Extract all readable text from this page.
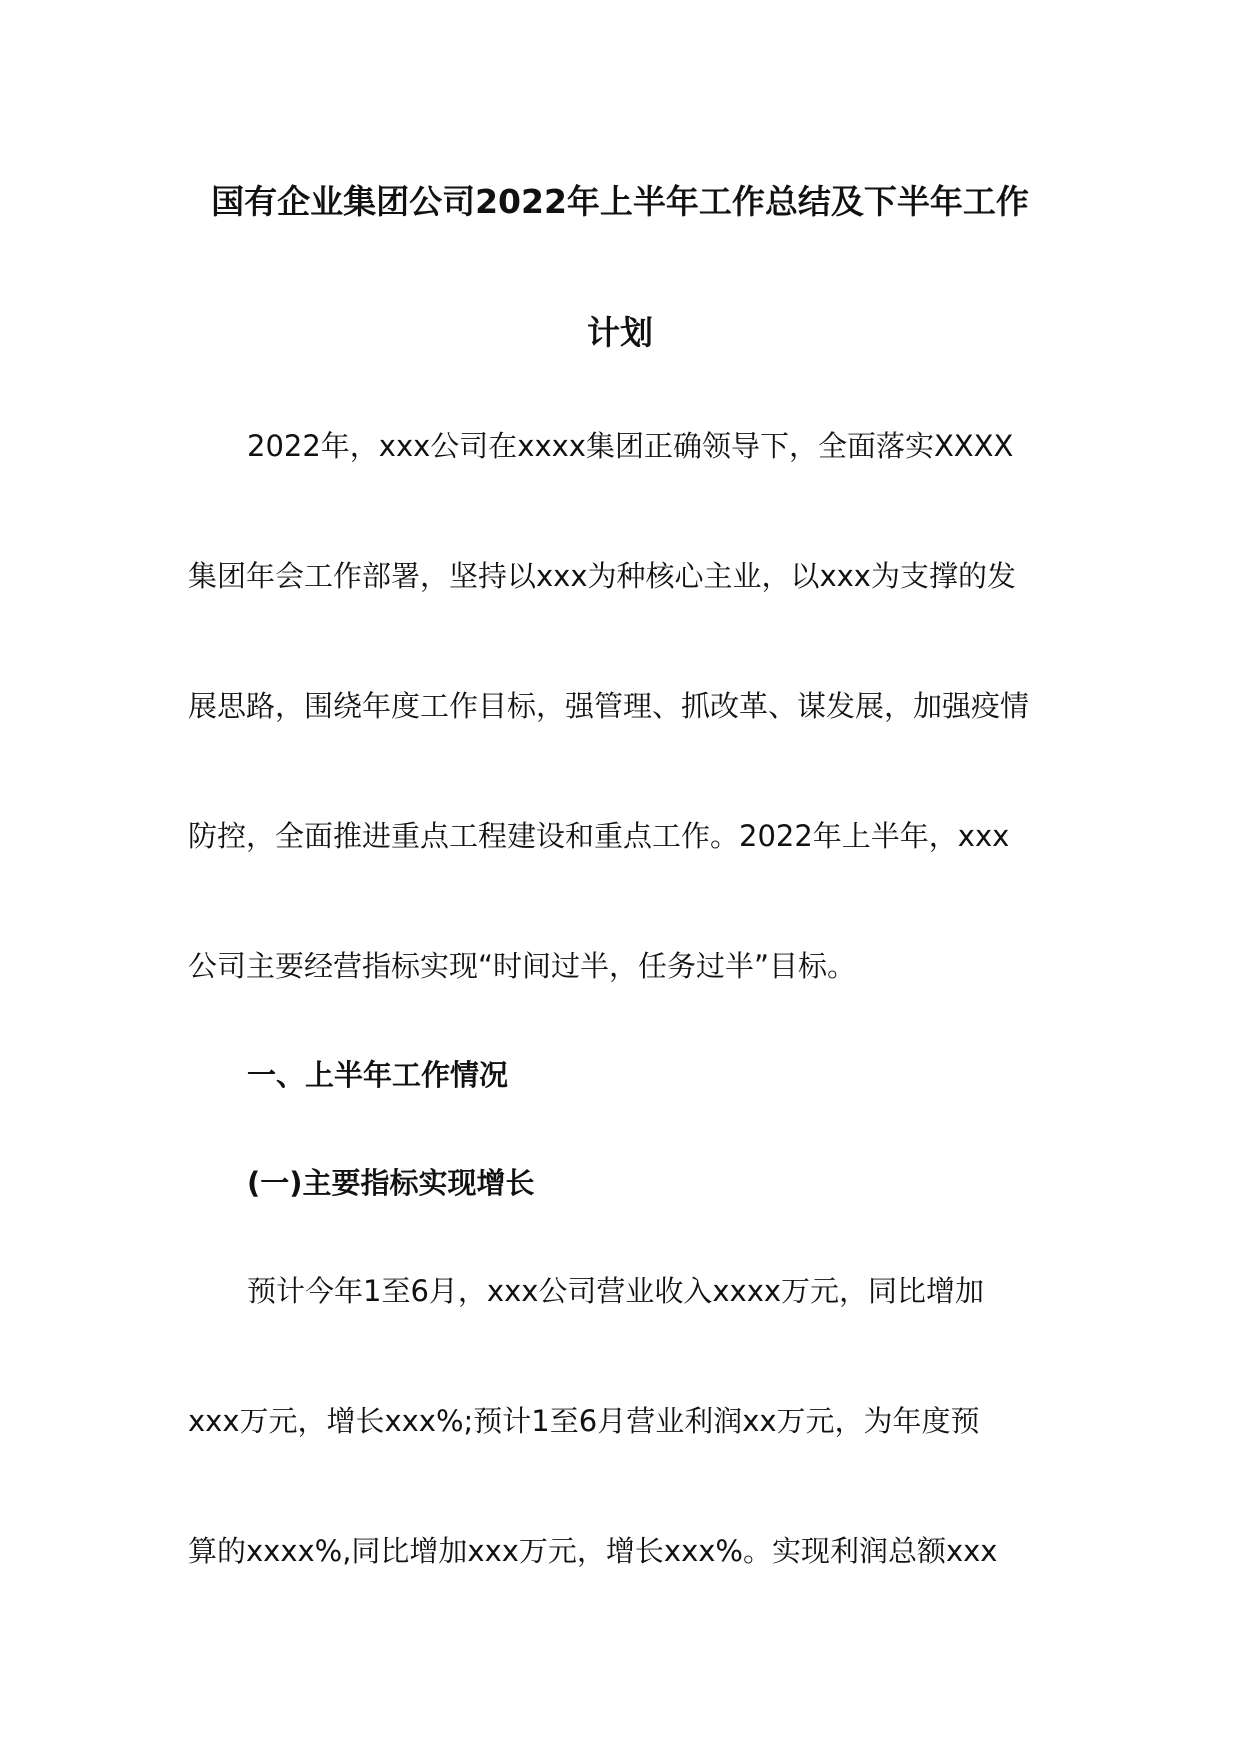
国有企业集团公司2022年上半年工作总结及下半年工作
计划

2022年，xxx公司在xxxx集团正确领导下，全面落实XXXX

集团年会工作部署，坚持以xxx为种核心主业，以xxx为支撑的发

展思路，围绕年度工作目标，强管理、抓改革、谋发展，加强疫情

防控，全面推进重点工程建设和重点工作。2022年上半年，xxx

公司主要经营指标实现“时间过半，任务过半”目标。

一、上半年工作情况

(一)主要指标实现增长

预计今年1至6月，xxx公司营业收入xxxx万元，同比增加

xxx万元，增长xxx%;预计1至6月营业利润xx万元，为年度预

算的xxxx%,同比增加xxx万元，增长xxx%。实现利润总额xxx
